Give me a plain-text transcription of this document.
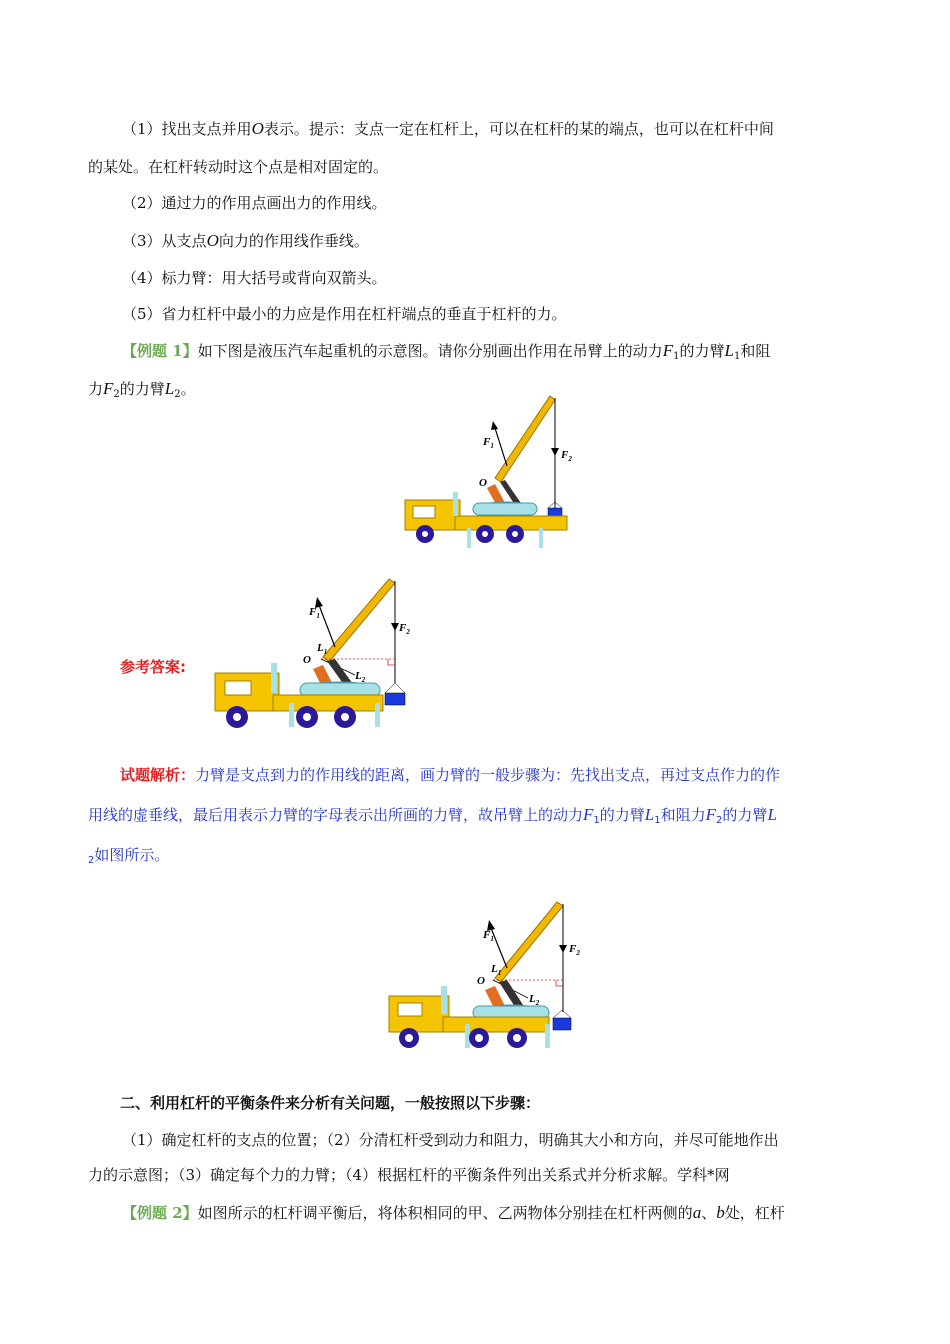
（1）找出支点并用O表示。提示：支点一定在杠杆上，可以在杠杆的某的端点，也可以在杠杆中间
的某处。在杠杆转动时这个点是相对固定的。
（2）通过力的作用点画出力的作用线。
（3）从支点O向力的作用线作垂线。
（4）标力臂：用大括号或背向双箭头。
（5）省力杠杆中最小的力应是作用在杠杆端点的垂直于杠杆的力。
【例题 1】如下图是液压汽车起重机的示意图。请你分别画出作用在吊臂上的动力$F_1$的力臂$L_1$和阻
力$F_2$的力臂$L_2$。
$F_1$
$F_2$
O
参考答案:
$F_1$
$F_2$
O
$L_1$
$L_2$
试题解析：力臂是支点到力的作用线的距离，画力臂的一般步骤为：先找出支点，再过支点作力的作
用线的虚垂线，最后用表示力臂的字母表示出所画的力臂，故吊臂上的动力$F_1$的力臂$L_1$和阻力$F_2$的力臂L
$_2$如图所示。
$F_1$
$F_2$
O
$L_1$
$L_2$
二、利用杠杆的平衡条件来分析有关问题，一般按照以下步骤：
（1）确定杠杆的支点的位置；（2）分清杠杆受到动力和阻力，明确其大小和方向，并尽可能地作出
力的示意图；（3）确定每个力的力臂；（4）根据杠杆的平衡条件列出关系式并分析求解。学科*网
【例题 2】如图所示的杠杆调平衡后，将体积相同的甲、乙两物体分别挂在杠杆两侧的a、b处，杠杆
